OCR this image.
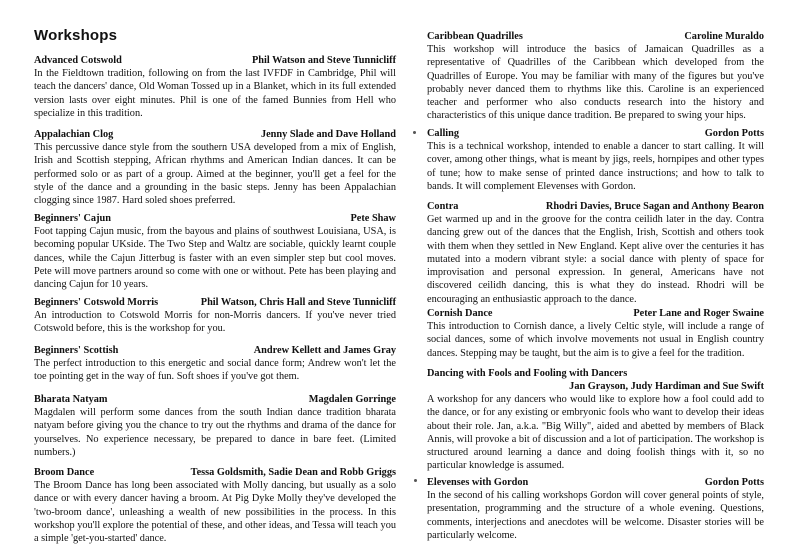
Workshops
Advanced Cotswold	Phil Watson and Steve Tunnicliff

In the Fieldtown tradition, following on from the last IVFDF in Cambridge, Phil will teach the dancers' dance, Old Woman Tossed up in a Blanket, which in its full extended version lasts over eight minutes. Phil is one of the famed Bunnies from Hell who specialize in this tradition.

Appalachian Clog	Jenny Slade and Dave Holland

This percussive dance style from the southern USA developed from a mix of English, Irish and Scottish stepping, African rhythms and American Indian dances. It can be performed solo or as part of a group. Aimed at the beginner, you'll get a feel for the style of the dance and a grounding in the basic steps. Jenny has been Appalachian clogging since 1987. Hard soled shoes preferred.

Beginners' Cajun	Pete Shaw

Foot tapping Cajun music, from the bayous and plains of southwest Louisiana, USA, is becoming popular UKside. The Two Step and Waltz are sociable, quickly learnt couple dances, while the Cajun Jitterbug is faster with an even simpler step but cool moves. Pete will move partners around so come with one or without. Pete has been playing and dancing Cajun for 10 years.

Beginners' Cotswold Morris	Phil Watson, Chris Hall and Steve Tunnicliff

An introduction to Cotswold Morris for non-Morris dancers. If you've never tried Cotswold before, this is the workshop for you.

Beginners' Scottish	Andrew Kellett and James Gray

The perfect introduction to this energetic and social dance form; Andrew won't let the toe pointing get in the way of fun. Soft shoes if you've got them.

Bharata Natyam	Magdalen Gorringe

Magdalen will perform some dances from the south Indian dance tradition bharata natyam before giving you the chance to try out the rhythms and drama of the dance for yourselves. No experience necessary, be prepared to dance in bare feet. (Limited numbers.)

Broom Dance	Tessa Goldsmith, Sadie Dean and Robb Griggs

The Broom Dance has long been associated with Molly dancing, but usually as a solo dance or with every dancer having a broom. At Pig Dyke Molly they've developed the 'two-broom dance', unleashing a wealth of new possibilities in the process. In this workshop you'll explore the potential of these, and other ideas, and Tessa will teach you a simple 'get-you-started' dance.

Caribbean Quadrilles	Caroline Muraldo

This workshop will introduce the basics of Jamaican Quadrilles as a representative of Quadrilles of the Caribbean which developed from the Quadrilles of Europe. You may be familiar with many of the figures but you've probably never danced them to rhythms like this. Caroline is an experienced teacher and performer who also conducts research into the history and characteristics of this unique dance tradition. Be prepared to swing your hips.

Calling	Gordon Potts

This is a technical workshop, intended to enable a dancer to start calling. It will cover, among other things, what is meant by jigs, reels, hornpipes and other types of tune; how to make sense of printed dance instructions; and how to talk to bands. It will complement Elevenses with Gordon.

Contra	Rhodri Davies, Bruce Sagan and Anthony Bearon

Get warmed up and in the groove for the contra ceilidh later in the day. Contra dancing grew out of the dances that the English, Irish, Scottish and others took with them when they settled in New England. Kept alive over the centuries it has mutated into a modern vibrant style: a social dance with plenty of space for improvisation and personal expression. In general, Americans have not discovered ceilidh dancing, this is what they do instead. Rhodri will be encouraging an enthusiastic approach to the dance.

Cornish Dance	Peter Lane and Roger Swaine

This introduction to Cornish dance, a lively Celtic style, will include a range of social dances, some of which involve movements not usual in English country dances. Stepping may be taught, but the aim is to give a feel for the tradition.

Dancing with Fools and Fooling with Dancers
Jan Grayson, Judy Hardiman and Sue Swift

A workshop for any dancers who would like to explore how a fool could add to the dance, or for any existing or embryonic fools who want to develop their ideas about their role. Jan, a.k.a. "Big Willy", aided and abetted by members of Black Annis, will provoke a bit of discussion and a lot of participation. The workshop is structured around learning a dance and doing foolish things with it, so no particular knowledge is assumed.

Elevenses with Gordon	Gordon Potts

In the second of his calling workshops Gordon will cover general points of style, presentation, programming and the structure of a whole evening. Questions, comments, interjections and anecdotes will be welcome. Disaster stories will be particularly welcome.
